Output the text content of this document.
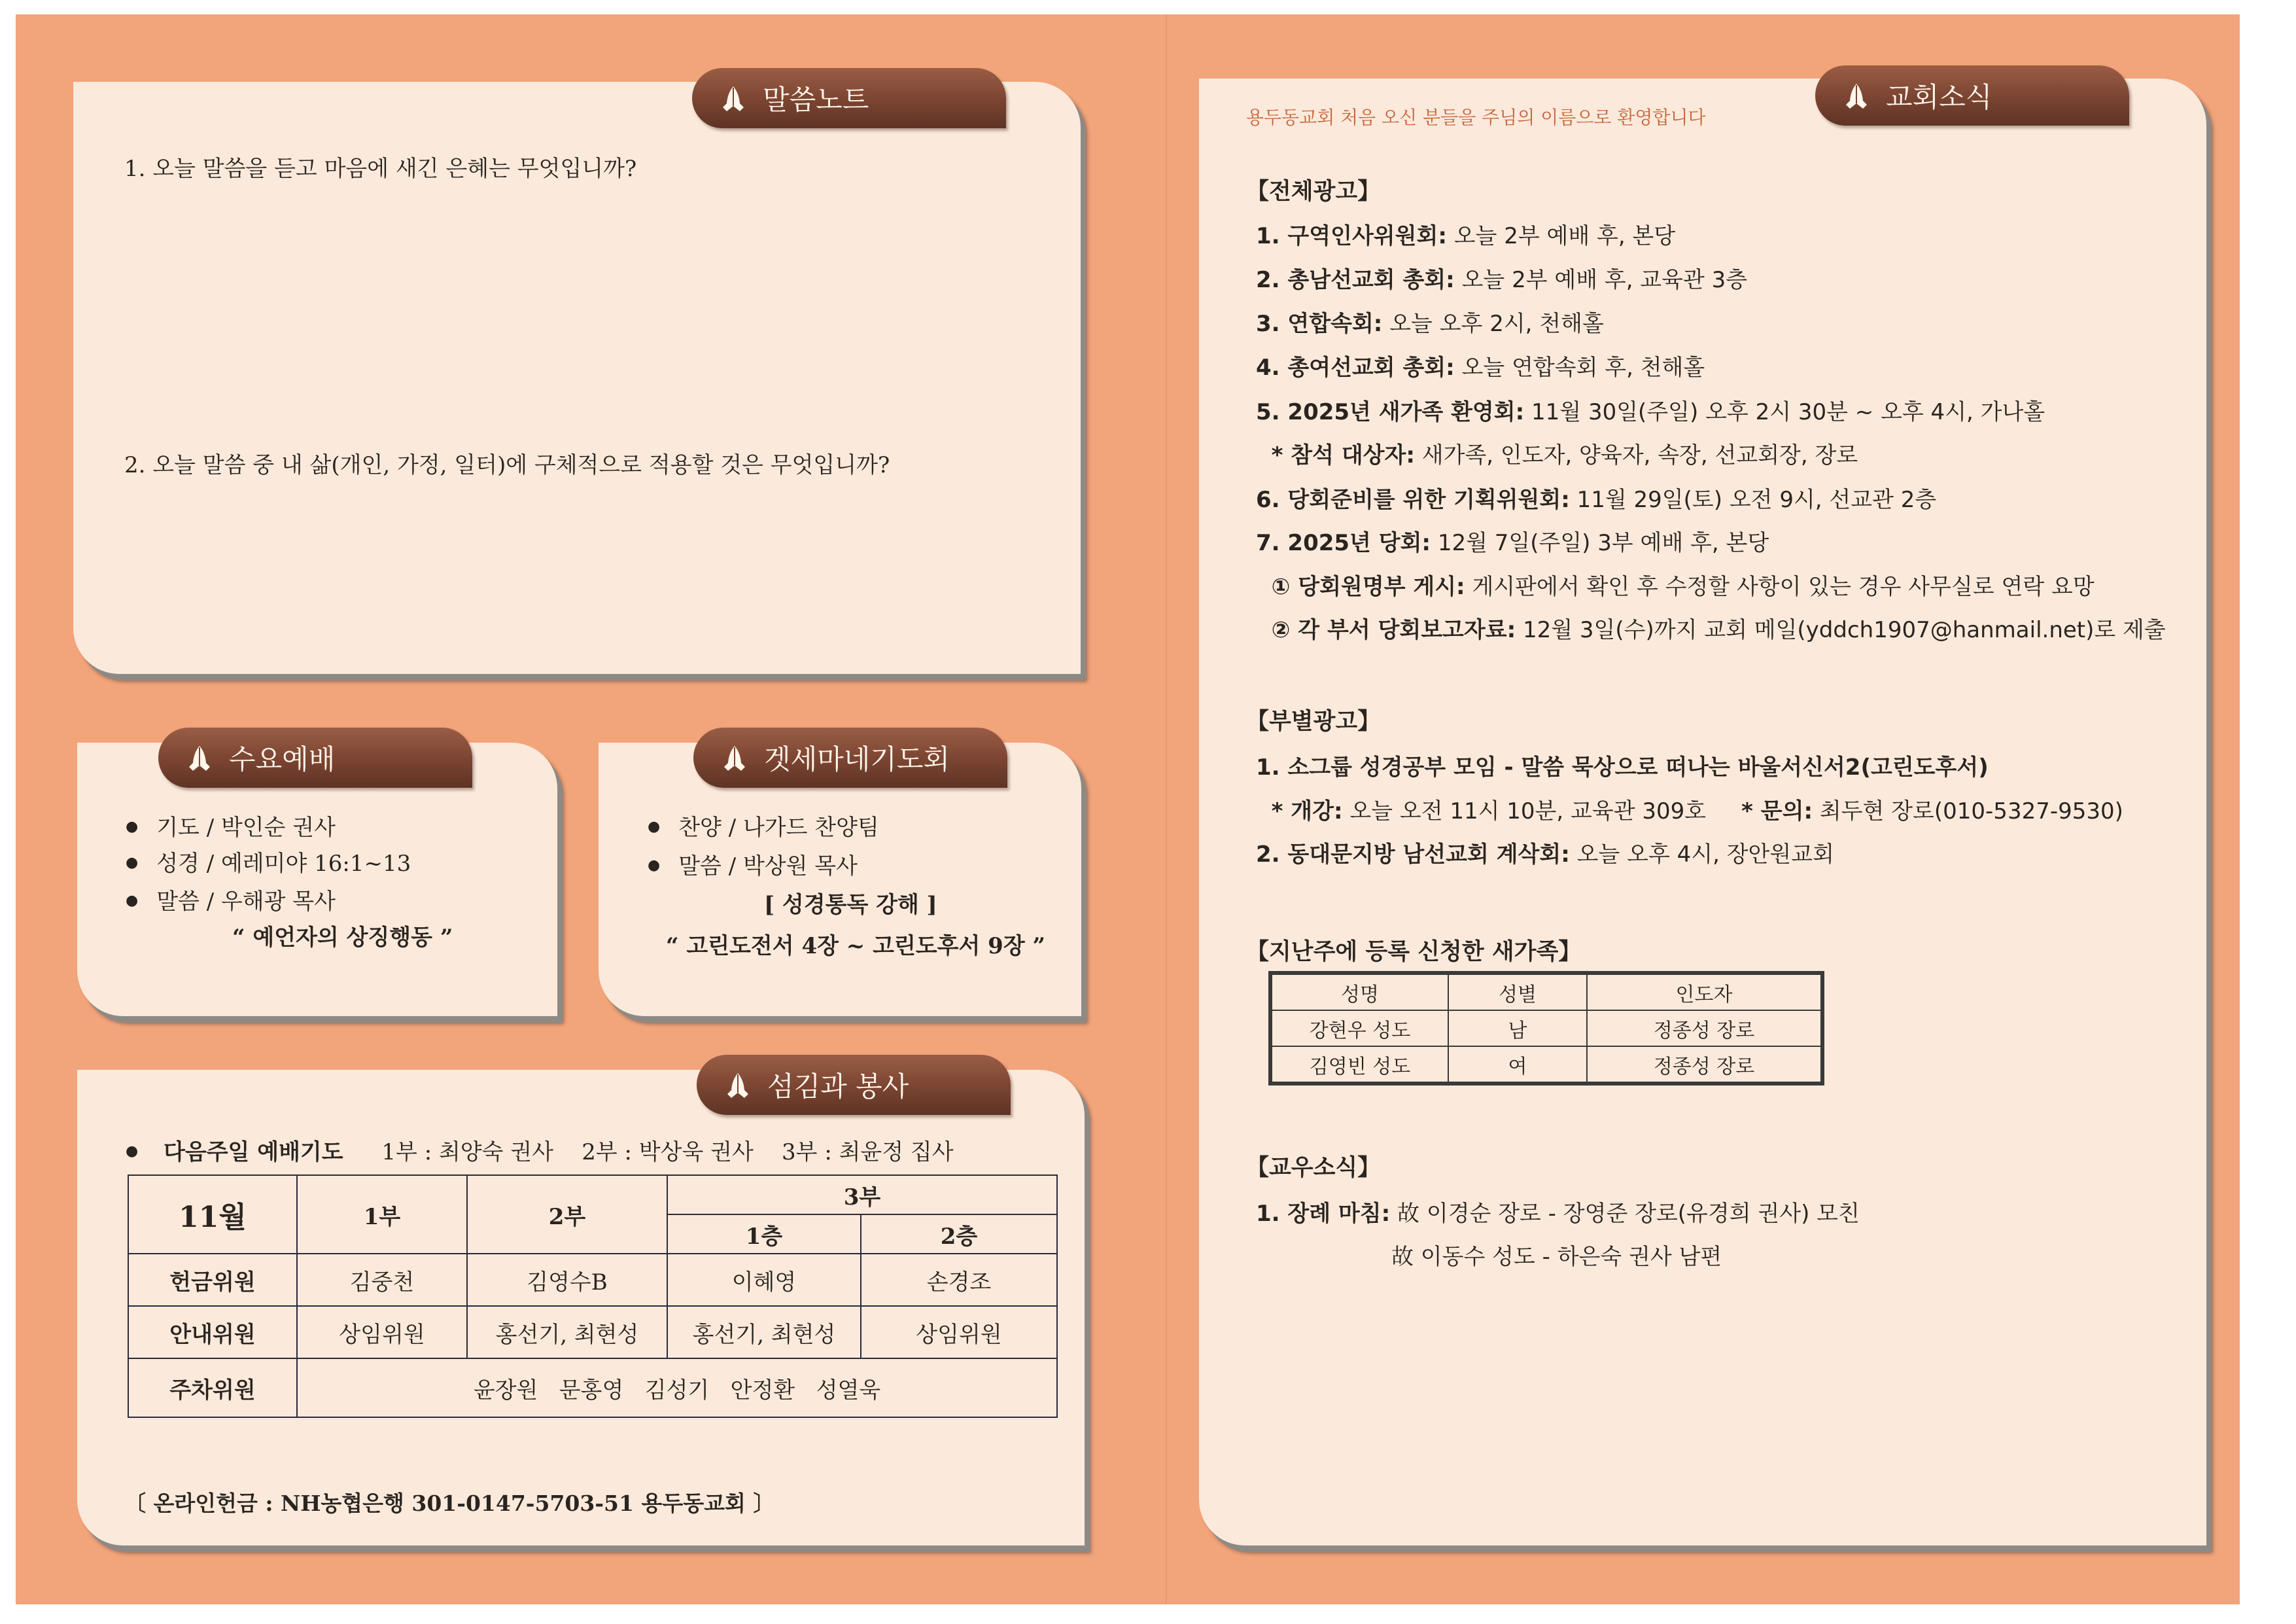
말씀노트
1. 오늘 말씀을 듣고 마음에 새긴 은혜는 무엇입니까?
2. 오늘 말씀 중 내 삶(개인, 가정, 일터)에 구체적으로 적용할 것은 무엇입니까?
수요예배
● 기도 / 박인순 권사
● 성경 / 예레미야 16:1~13
● 말씀 / 우해광 목사
“ 예언자의 상징행동 ”
겟세마네기도회
● 찬양 / 나가드 찬양팀
● 말씀 / 박상원 목사
[ 성경통독 강해 ]
“ 고린도전서 4장 ~ 고린도후서 9장 ”
섬김과 봉사
● 다음주일 예배기도 1부 : 최양숙 권사    2부 : 박상욱 권사    3부 : 최윤정 집사
11월	1부	2부	3부	
			1층	2층
헌금위원	김중천	김영수B	이혜영	손경조
안내위원	상임위원	홍선기, 최현성	홍선기, 최현성	상임위원
주차위원	윤장원   문홍영   김성기   안정환   성열욱			
〔 온라인헌금 : NH농협은행 301-0147-5703-51 용두동교회 〕
교회소식
용두동교회 처음 오신 분들을 주님의 이름으로 환영합니다
【전체광고】
1. 구역인사위원회: 오늘 2부 예배 후, 본당
2. 총남선교회 총회: 오늘 2부 예배 후, 교육관 3층
3. 연합속회: 오늘 오후 2시, 천해홀
4. 총여선교회 총회: 오늘 연합속회 후, 천해홀
5. 2025년 새가족 환영회: 11월 30일(주일) 오후 2시 30분 ~ 오후 4시, 가나홀
* 참석 대상자: 새가족, 인도자, 양육자, 속장, 선교회장, 장로
6. 당회준비를 위한 기획위원회: 11월 29일(토) 오전 9시, 선교관 2층
7. 2025년 당회: 12월 7일(주일) 3부 예배 후, 본당
① 당회원명부 게시: 게시판에서 확인 후 수정할 사항이 있는 경우 사무실로 연락 요망
② 각 부서 당회보고자료: 12월 3일(수)까지 교회 메일(yddch1907@hanmail.net)로 제출
【부별광고】
1. 소그룹 성경공부 모임 - 말씀 묵상으로 떠나는 바울서신서2(고린도후서)
* 개강: 오늘 오전 11시 10분, 교육관 309호     * 문의: 최두현 장로(010-5327-9530)
2. 동대문지방 남선교회 계삭회: 오늘 오후 4시, 장안원교회
【지난주에 등록 신청한 새가족】
성명	성별	인도자
강현우 성도	남	정종성 장로
김영빈 성도	여	정종성 장로
【교우소식】
1. 장례 마침: 故 이경순 장로 - 장영준 장로(유경희 권사) 모친
故 이동수 성도 - 하은숙 권사 남편
